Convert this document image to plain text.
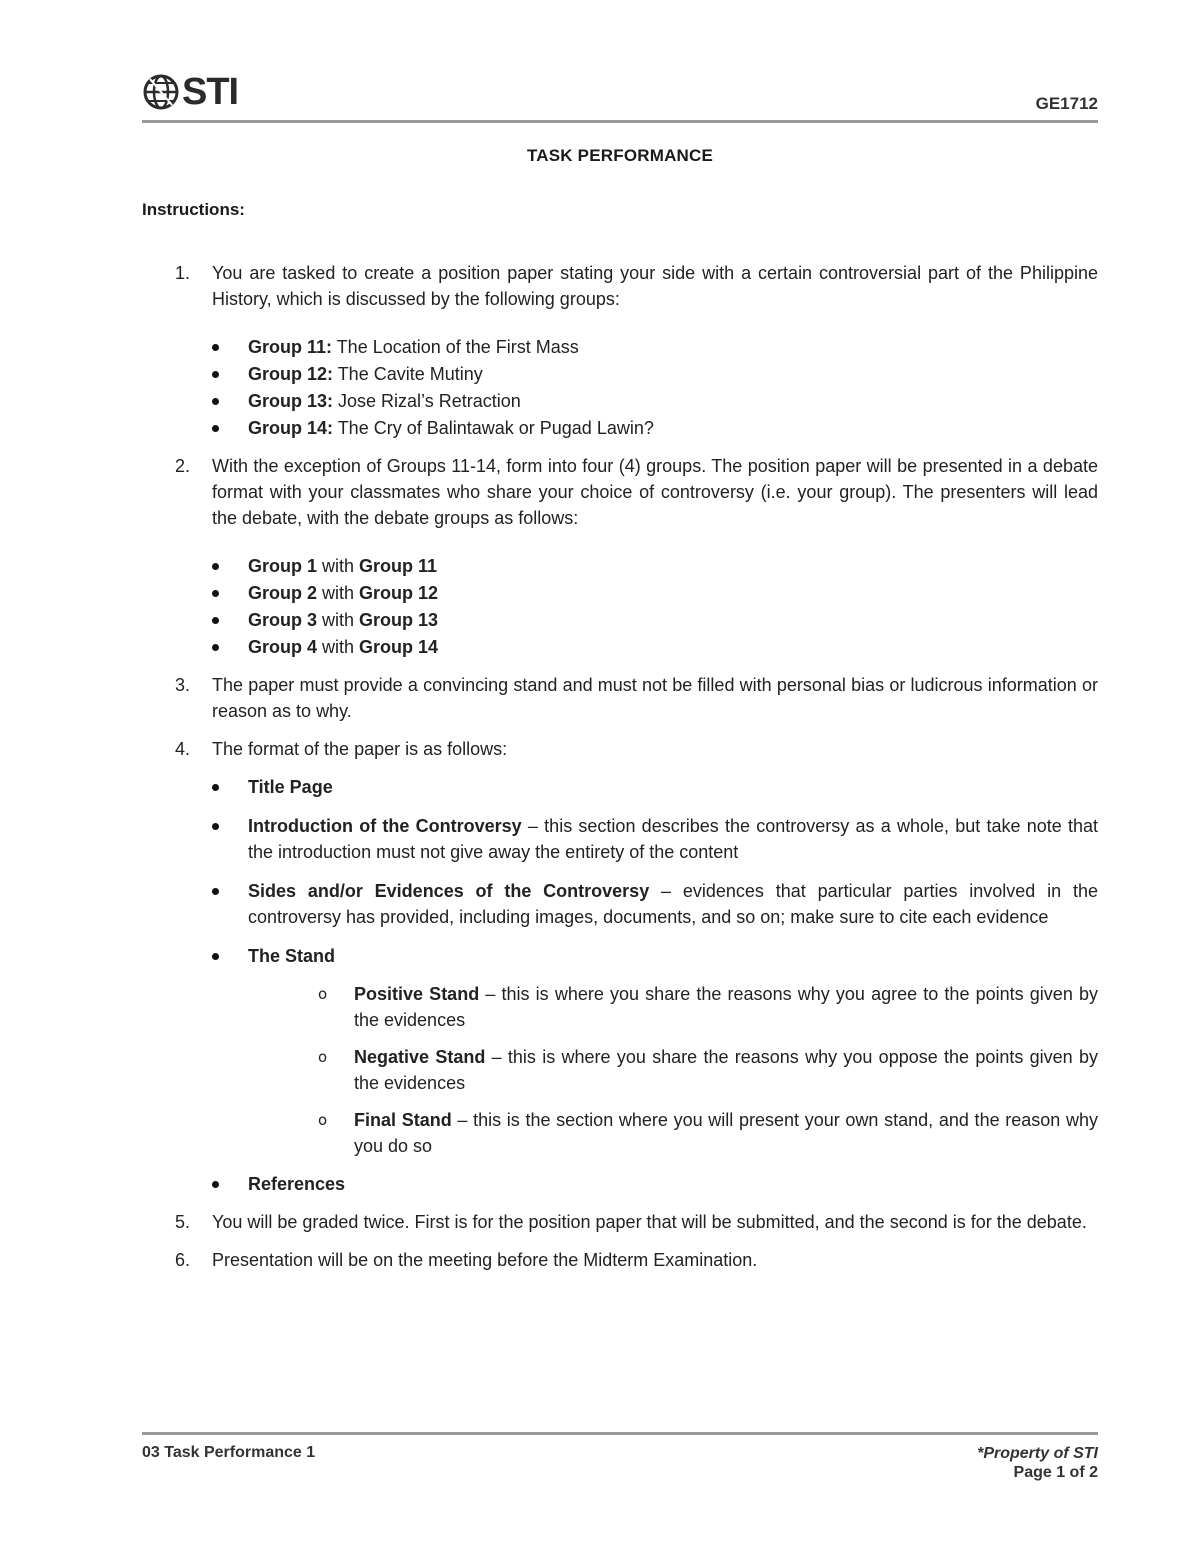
STI	GE1712
TASK PERFORMANCE
Instructions:

1. You are tasked to create a position paper stating your side with a certain controversial part of the Philippine History, which is discussed by the following groups:

Group 11: The Location of the First Mass
Group 12: The Cavite Mutiny
Group 13: Jose Rizal’s Retraction
Group 14: The Cry of Balintawak or Pugad Lawin?

2. With the exception of Groups 11-14, form into four (4) groups. The position paper will be presented in a debate format with your classmates who share your choice of controversy (i.e. your group). The presenters will lead the debate, with the debate groups as follows:

Group 1 with Group 11
Group 2 with Group 12
Group 3 with Group 13
Group 4 with Group 14

3. The paper must provide a convincing stand and must not be filled with personal bias or ludicrous information or reason as to why.

4. The format of the paper is as follows:

Title Page
Introduction of the Controversy – this section describes the controversy as a whole, but take note that the introduction must not give away the entirety of the content
Sides and/or Evidences of the Controversy – evidences that particular parties involved in the controversy has provided, including images, documents, and so on; make sure to cite each evidence
The Stand

o Positive Stand – this is where you share the reasons why you agree to the points given by the evidences

o Negative Stand – this is where you share the reasons why you oppose the points given by the evidences

o Final Stand – this is the section where you will present your own stand, and the reason why you do so

References

5. You will be graded twice. First is for the position paper that will be submitted, and the second is for the debate.

6. Presentation will be on the meeting before the Midterm Examination.

03 Task Performance 1	*Property of STI
Page 1 of 2
